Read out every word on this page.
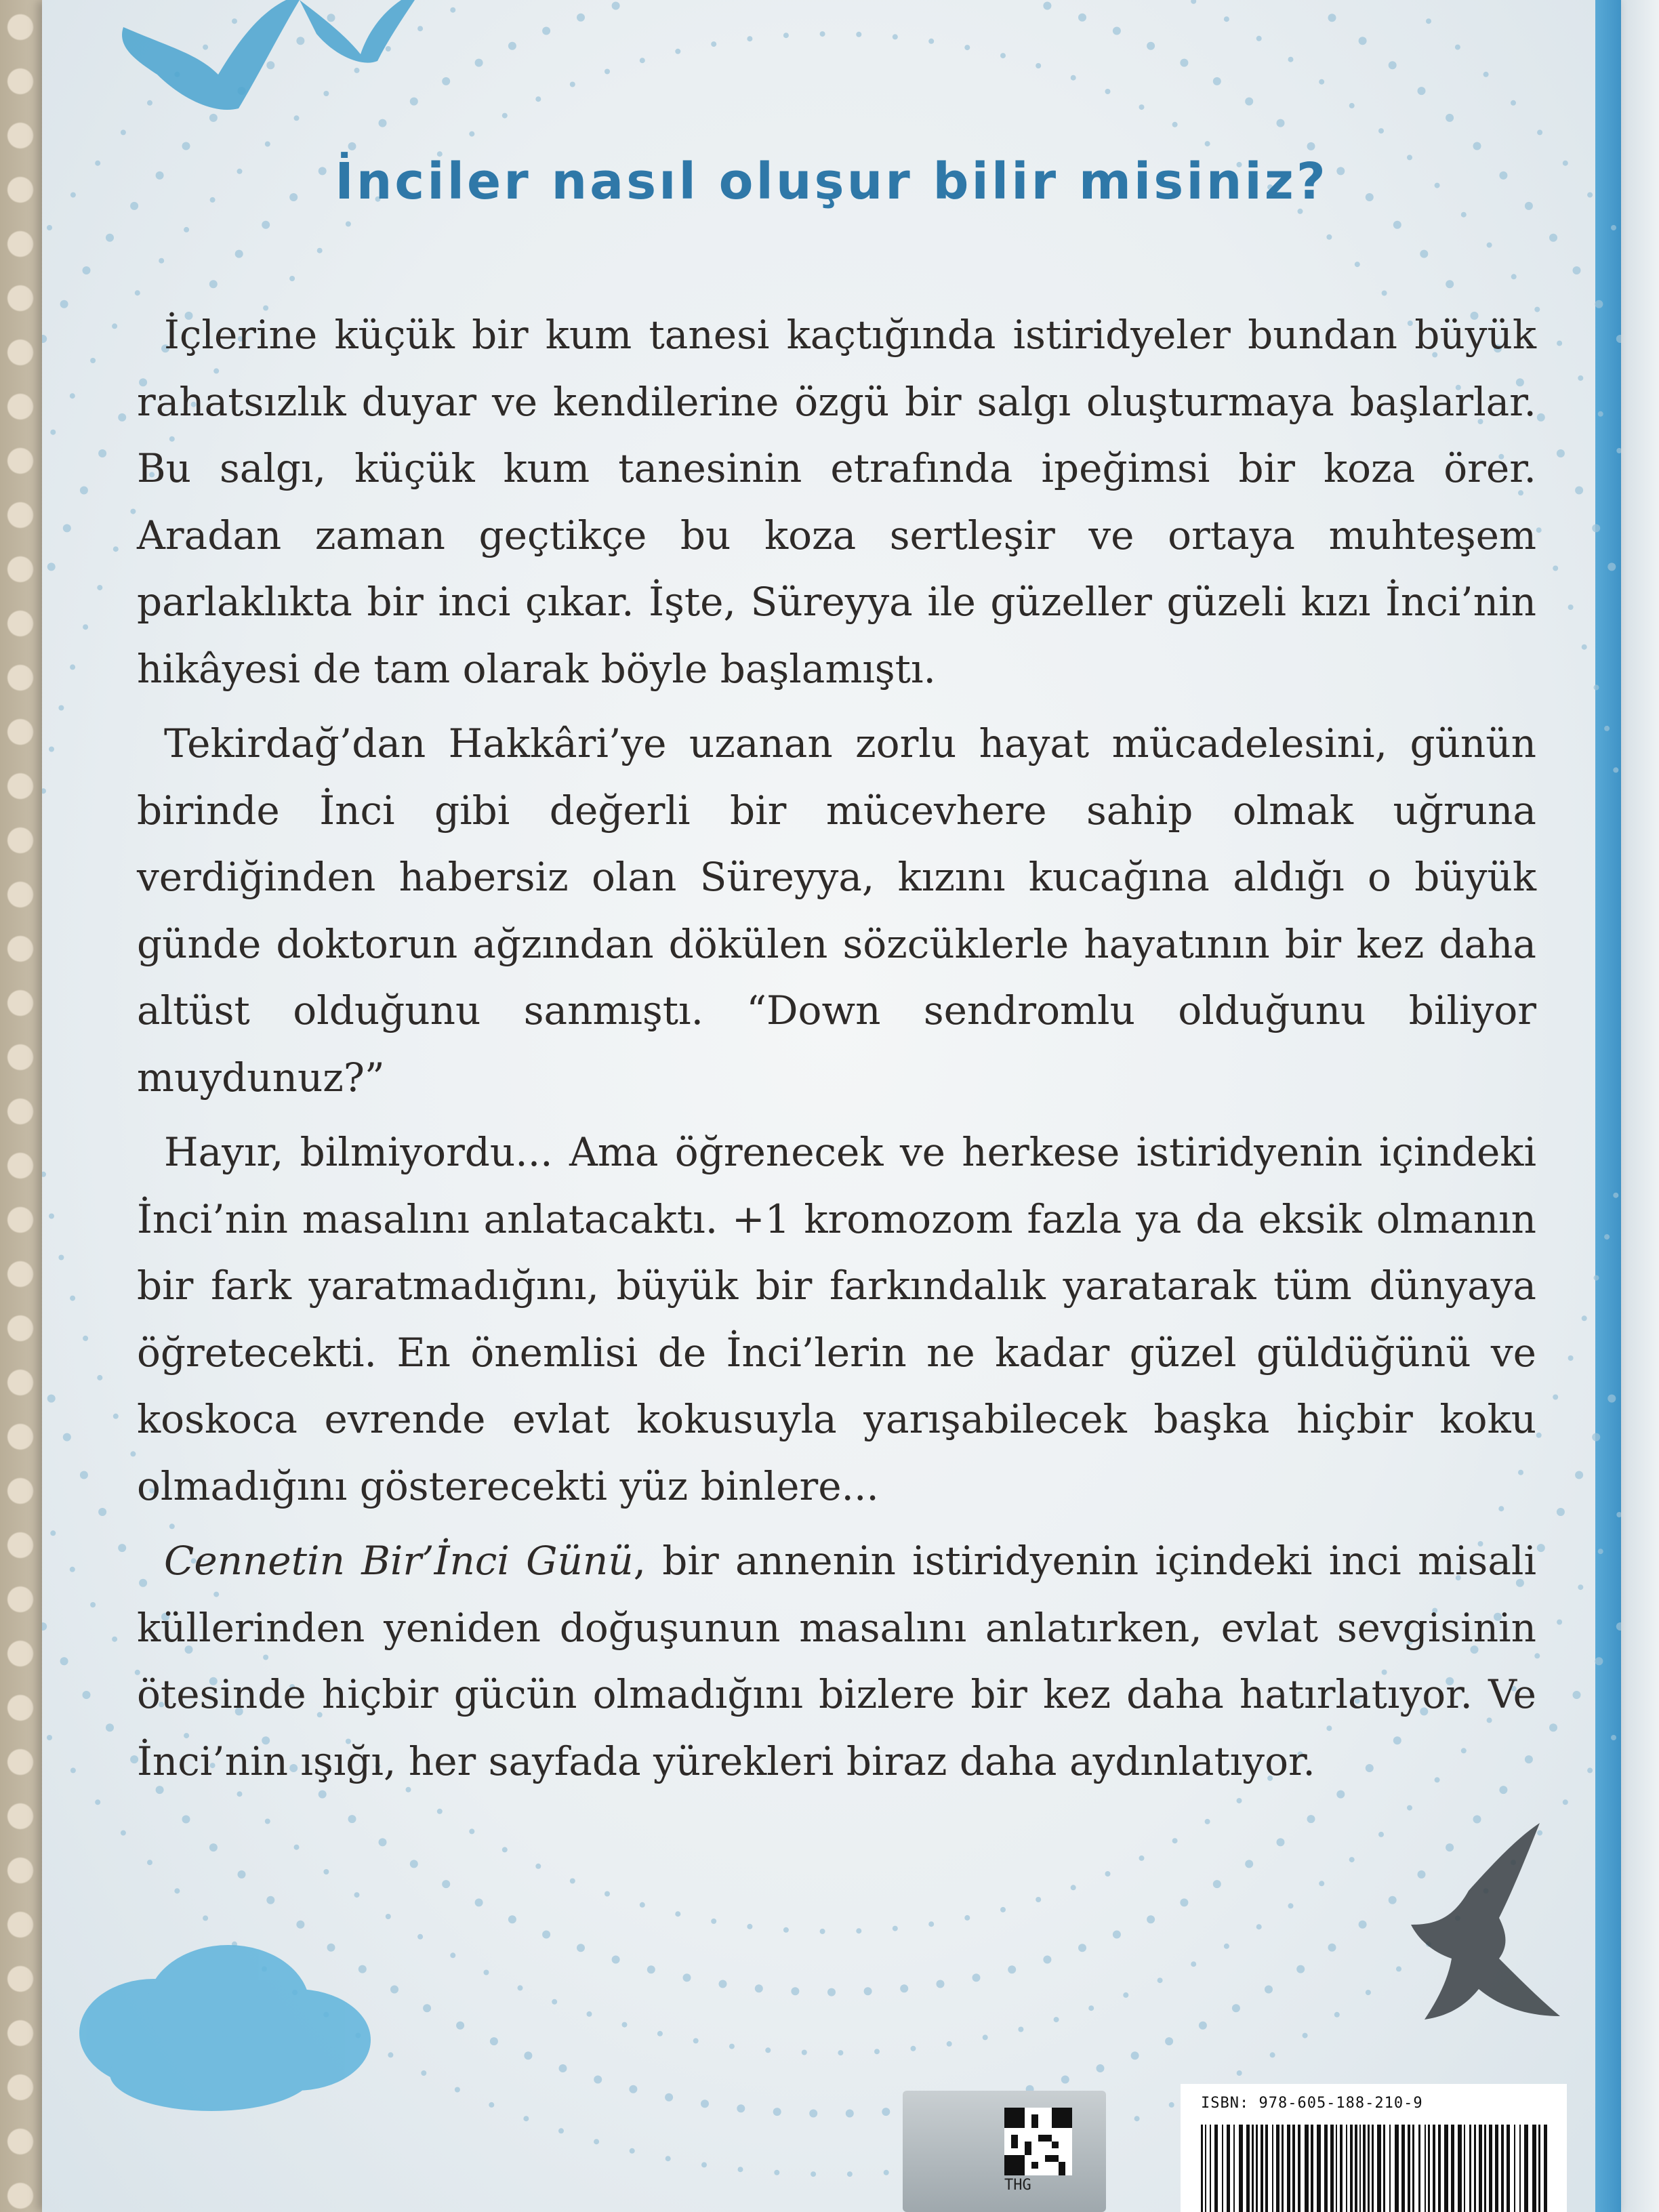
İnciler nasıl oluşur bilir misiniz?

İçlerine küçük bir kum tanesi kaçtığında istiridyeler bundan büyük rahatsızlık duyar ve kendilerine özgü bir salgı oluşturmaya başlarlar. Bu salgı, küçük kum tanesinin etrafında ipeğimsi bir koza örer. Aradan zaman geçtikçe bu koza sertleşir ve ortaya muhteşem parlaklıkta bir inci çıkar. İşte, Süreyya ile güzeller güzeli kızı İnci’nin hikâyesi de tam olarak böyle başlamıştı.

Tekirdağ’dan Hakkâri’ye uzanan zorlu hayat mücadelesini, günün birinde İnci gibi değerli bir mücevhere sahip olmak uğruna verdiğinden habersiz olan Süreyya, kızını kucağına aldığı o büyük günde doktorun ağzından dökülen sözcüklerle hayatının bir kez daha altüst olduğunu sanmıştı. “Down sendromlu olduğunu biliyor muydunuz?”

Hayır, bilmiyordu... Ama öğrenecek ve herkese istiridyenin içindeki İnci’nin masalını anlatacaktı. +1 kromozom fazla ya da eksik olmanın bir fark yaratmadığını, büyük bir farkındalık yaratarak tüm dünyaya öğretecekti. En önemlisi de İnci’lerin ne kadar güzel güldüğünü ve koskoca evrende evlat kokusuyla yarışabilecek başka hiçbir koku olmadığını gösterecekti yüz binlere...

Cennetin Bir’İnci Günü, bir annenin istiridyenin içindeki inci misali küllerinden yeniden doğuşunun masalını anlatırken, evlat sevgisinin ötesinde hiçbir gücün olmadığını bizlere bir kez daha hatırlatıyor. Ve İnci’nin ışığı, her sayfada yürekleri biraz daha aydınlatıyor.

THG

ISBN: 978-605-188-210-9
